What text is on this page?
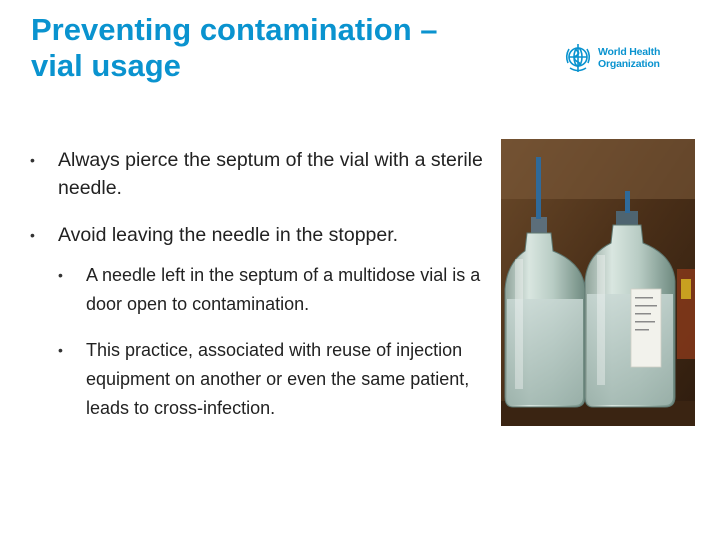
Preventing contamination –
vial usage	World Health
Organization
• Always pierce the septum of the vial with a sterile needle.
• Avoid leaving the needle in the stopper.
• A needle left in the septum of a multidose vial is a door open to contamination.
• This practice, associated with reuse of injection equipment on another or even the same patient, leads to cross-infection.
